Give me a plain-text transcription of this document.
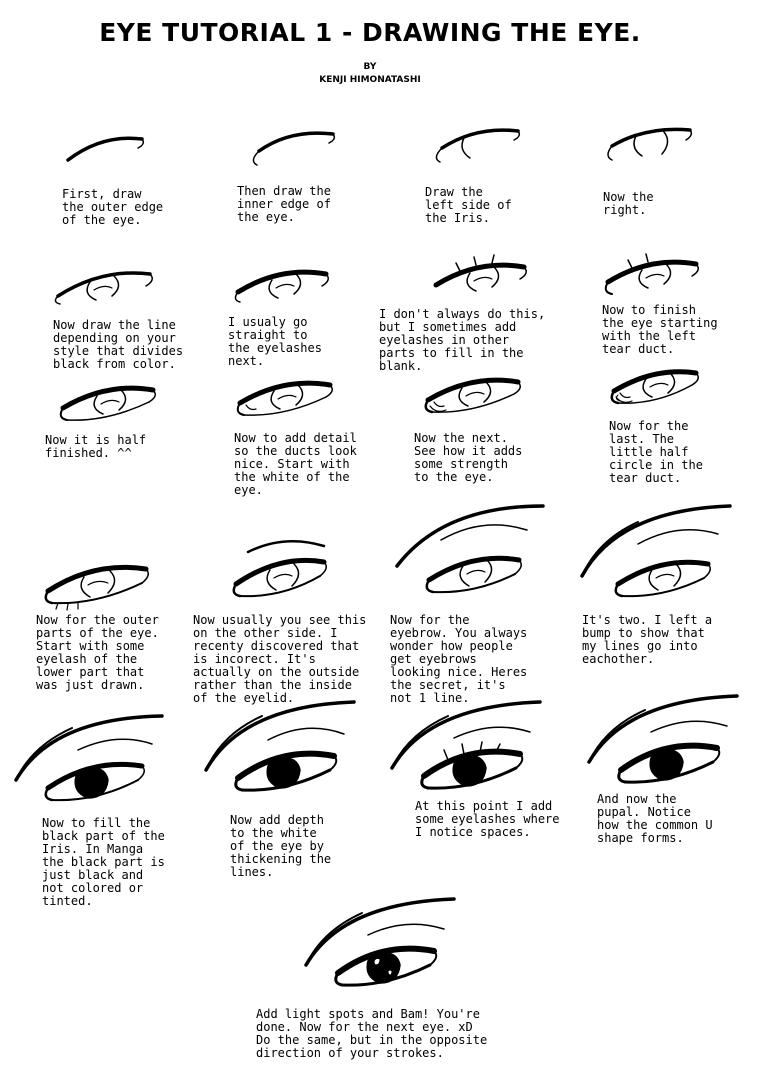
EYE TUTORIAL 1 - DRAWING THE EYE.
BY
KENJI HIMONATASHI
First, draw
the outer edge
of the eye.
Then draw the
inner edge of
the eye.
Draw the
left side of
the Iris.
Now the
right.
Now draw the line
depending on your
style that divides
black from color.
I usualy go
straight to
the eyelashes
next.
I don't always do this,
but I sometimes add
eyelashes in other
parts to fill in the
blank.
Now to finish
the eye starting
with the left
tear duct.
Now it is half
finished. ^^
Now to add detail
so the ducts look
nice. Start with
the white of the
eye.
Now the next.
See how it adds
some strength
to the eye.
Now for the
last. The
little half
circle in the
tear duct.
Now for the outer
parts of the eye.
Start with some
eyelash of the
lower part that
was just drawn.
Now usually you see this
on the other side. I
recenty discovered that
is incorect. It's
actually on the outside
rather than the inside
of the eyelid.
Now for the
eyebrow. You always
wonder how people
get eyebrows
looking nice. Heres
the secret, it's
not 1 line.
It's two. I left a
bump to show that
my lines go into
eachother.
Now to fill the
black part of the
Iris. In Manga
the black part is
just black and
not colored or
tinted.
Now add depth
to the white
of the eye by
thickening the
lines.
At this point I add
some eyelashes where
I notice spaces.
And now the
pupal. Notice
how the common U
shape forms.
Add light spots and Bam! You're
done. Now for the next eye. xD
Do the same, but in the opposite
direction of your strokes.
